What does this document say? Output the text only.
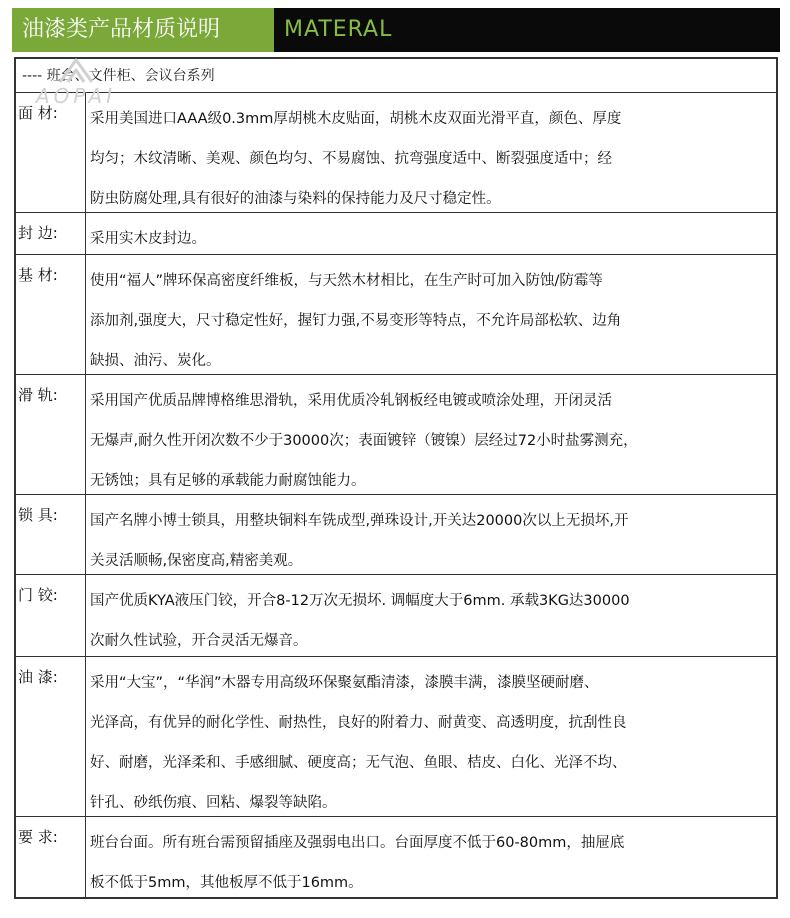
油漆类产品材质说明	MATERAL
---- 班台、文件柜、会议台系列
面 材: 采用美国进口AAA级0.3mm厚胡桃木皮贴面，胡桃木皮双面光滑平直，颜色、厚度
均匀；木纹清晰、美观、颜色均匀、不易腐蚀、抗弯强度适中、断裂强度适中；经
防虫防腐处理,具有很好的油漆与染料的保持能力及尺寸稳定性。
封 边: 采用实木皮封边。
基 材: 使用“福人”牌环保高密度纤维板，与天然木材相比，在生产时可加入防蚀/防霉等
添加剂,强度大，尺寸稳定性好，握钉力强,不易变形等特点，不允许局部松软、边角
缺损、油污、炭化。
滑 轨: 采用国产优质品牌博格维思滑轨，采用优质冷轧钢板经电镀或喷涂处理，开闭灵活
无爆声,耐久性开闭次数不少于30000次；表面镀锌（镀镍）层经过72小时盐雾测充，
无锈蚀；具有足够的承载能力耐腐蚀能力。
锁 具: 国产名牌小博士锁具，用整块铜料车铣成型,弹珠设计,开关达20000次以上无损坏,开
关灵活顺畅,保密度高,精密美观。
门 铰: 国产优质KYA液压门铰，开合8-12万次无损坏. 调幅度大于6mm. 承载3KG达30000
次耐久性试验，开合灵活无爆音。
油 漆: 采用“大宝”，“华润”木器专用高级环保聚氨酯清漆，漆膜丰满，漆膜坚硬耐磨、
光泽高，有优异的耐化学性、耐热性，良好的附着力、耐黄变、高透明度，抗刮性良
好、耐磨，光泽柔和、手感细腻、硬度高；无气泡、鱼眼、桔皮、白化、光泽不均、
针孔、砂纸伤痕、回粘、爆裂等缺陷。
要 求: 班台台面。所有班台需预留插座及强弱电出口。台面厚度不低于60-80mm，抽屉底
板不低于5mm，其他板厚不低于16mm。
AOPAI
